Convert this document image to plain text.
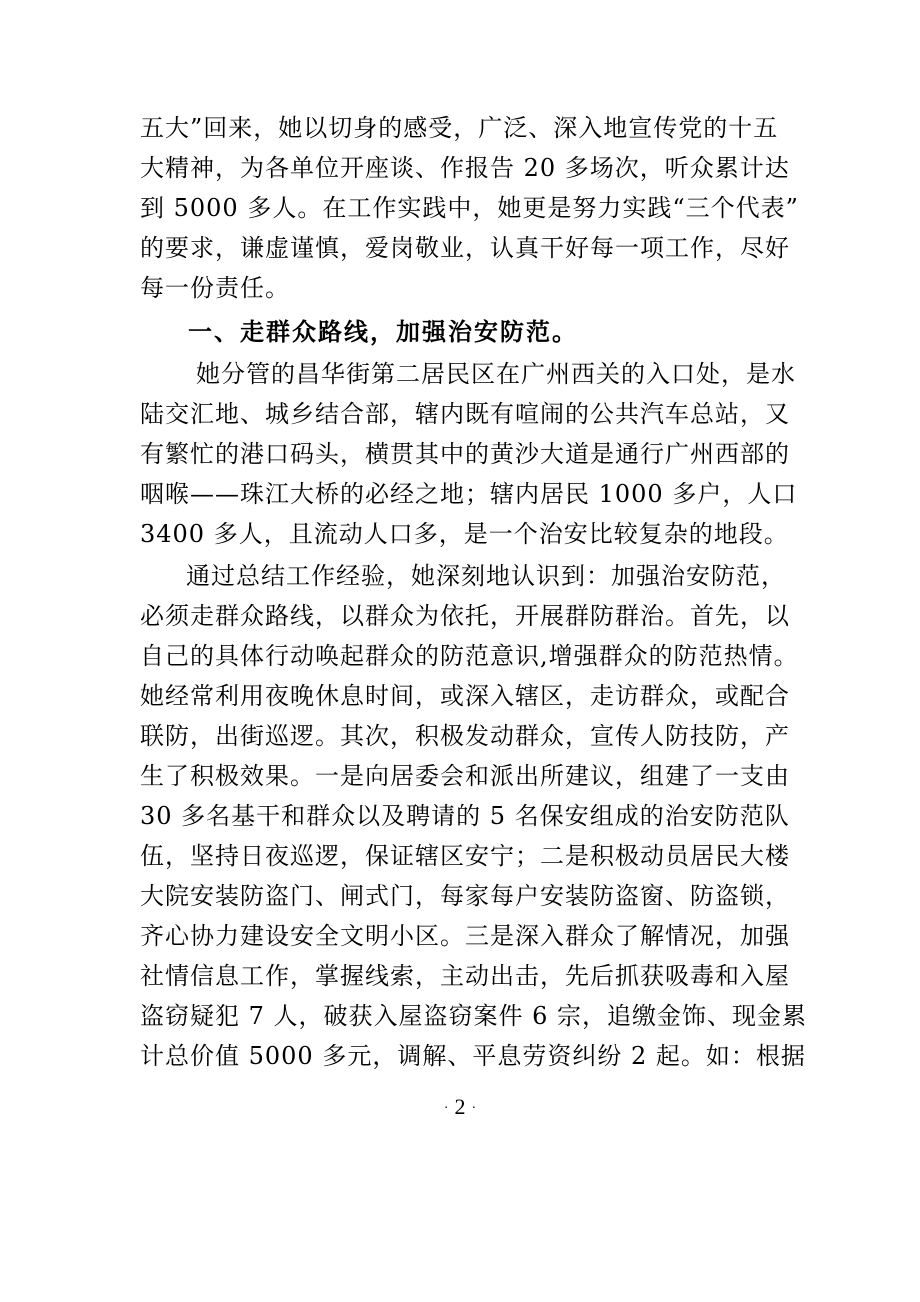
五大”回来，她以切身的感受，广泛、深入地宣传党的十五
大精神，为各单位开座谈、作报告 20 多场次，听众累计达
到 5000 多人。在工作实践中，她更是努力实践“三个代表”
的要求，谦虚谨慎，爱岗敬业，认真干好每一项工作，尽好
每一份责任。
一、走群众路线，加强治安防范。
她分管的昌华街第二居民区在广州西关的入口处，是水
陆交汇地、城乡结合部，辖内既有喧闹的公共汽车总站，又
有繁忙的港口码头，横贯其中的黄沙大道是通行广州西部的
咽喉——珠江大桥的必经之地；辖内居民 1000 多户，人口
3400 多人，且流动人口多，是一个治安比较复杂的地段。
通过总结工作经验，她深刻地认识到：加强治安防范，
必须走群众路线，以群众为依托，开展群防群治。首先，以
自己的具体行动唤起群众的防范意识,增强群众的防范热情。
她经常利用夜晚休息时间，或深入辖区，走访群众，或配合
联防，出街巡逻。其次，积极发动群众，宣传人防技防，产
生了积极效果。一是向居委会和派出所建议，组建了一支由
30 多名基干和群众以及聘请的 5 名保安组成的治安防范队
伍，坚持日夜巡逻，保证辖区安宁；二是积极动员居民大楼
大院安装防盗门、闸式门，每家每户安装防盗窗、防盗锁，
齐心协力建设安全文明小区。三是深入群众了解情况，加强
社情信息工作，掌握线索，主动出击，先后抓获吸毒和入屋
盗窃疑犯 7 人，破获入屋盗窃案件 6 宗，追缴金饰、现金累
计总价值 5000 多元，调解、平息劳资纠纷 2 起。如：根据
· 2 ·
